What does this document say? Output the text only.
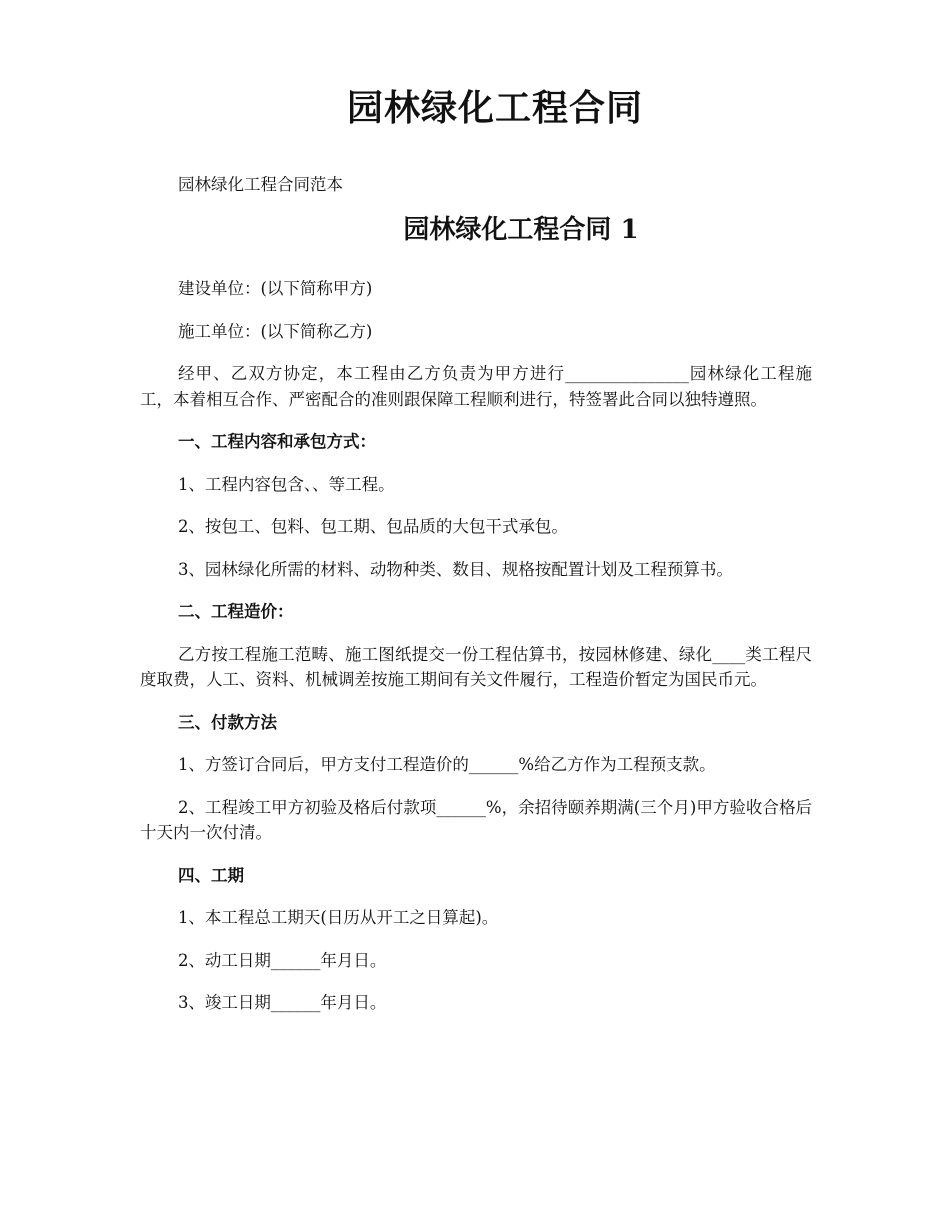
园林绿化工程合同

园林绿化工程合同范本

园林绿化工程合同 1

建设单位：(以下简称甲方)

施工单位：(以下简称乙方)

经甲、乙双方协定，本工程由乙方负责为甲方进行_______________园林绿化工程施工，本着相互合作、严密配合的准则跟保障工程顺利进行，特签署此合同以独特遵照。

一、工程内容和承包方式：

1、工程内容包含、、等工程。

2、按包工、包料、包工期、包品质的大包干式承包。

3、园林绿化所需的材料、动物种类、数目、规格按配置计划及工程预算书。

二、工程造价：

乙方按工程施工范畴、施工图纸提交一份工程估算书，按园林修建、绿化____类工程尺度取费，人工、资料、机械调差按施工期间有关文件履行，工程造价暂定为国民币元。

三、付款方法

1、方签订合同后，甲方支付工程造价的______%给乙方作为工程预支款。

2、工程竣工甲方初验及格后付款项______%，余招待颐养期满(三个月)甲方验收合格后十天内一次付清。

四、工期

1、本工程总工期天(日历从开工之日算起)。

2、动工日期______年月日。

3、竣工日期______年月日。
